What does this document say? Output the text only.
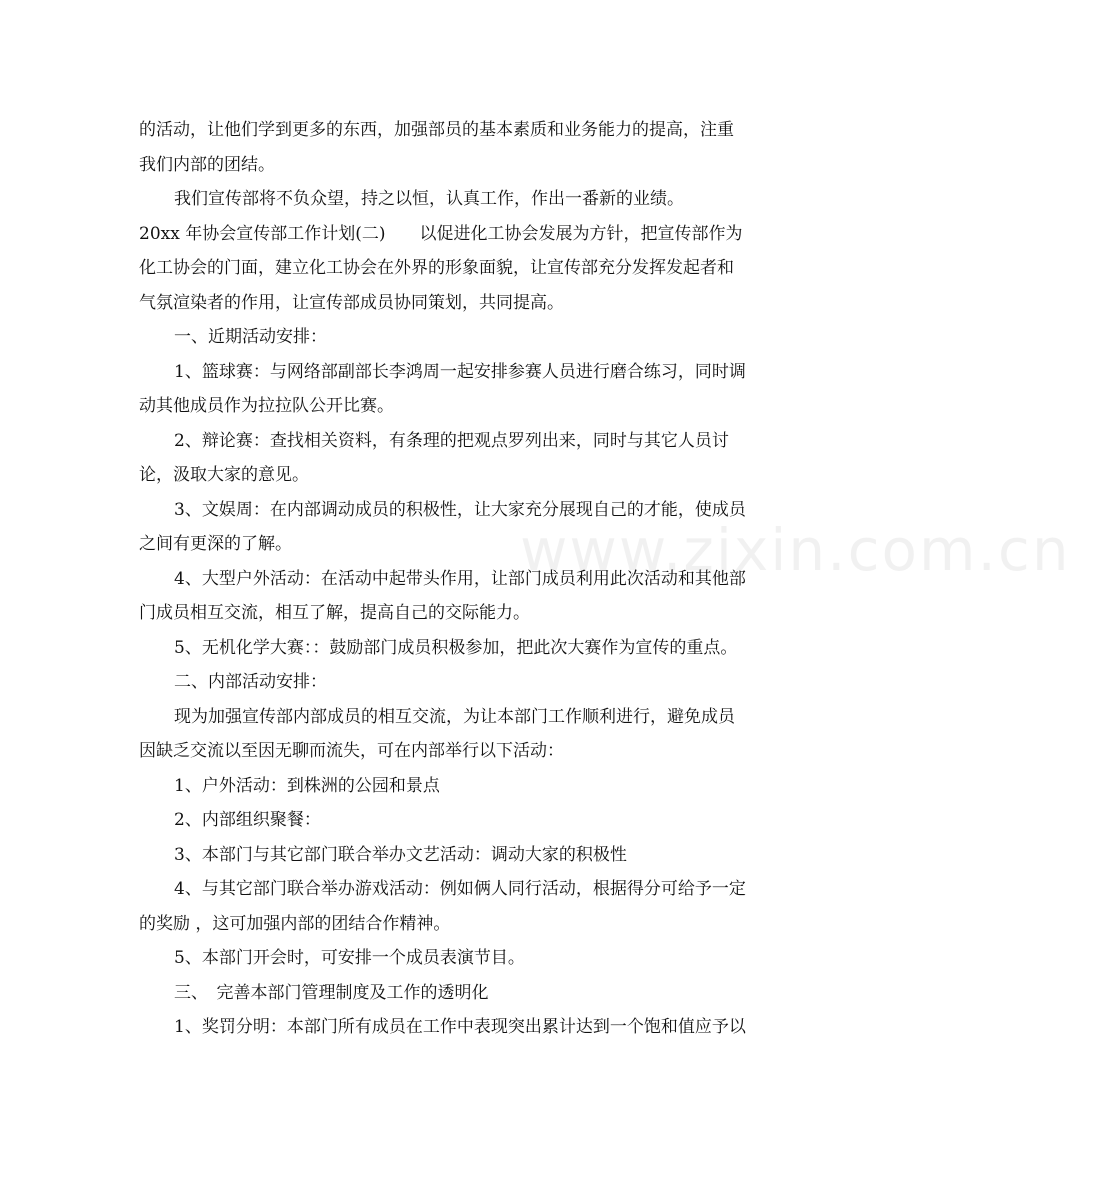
www.zixin.com.cn
的活动，让他们学到更多的东西，加强部员的基本素质和业务能力的提高，注重
我们内部的团结。
我们宣传部将不负众望，持之以恒，认真工作，作出一番新的业绩。
20xx 年协会宣传部工作计划(二)　　以促进化工协会发展为方针，把宣传部作为
化工协会的门面，建立化工协会在外界的形象面貌，让宣传部充分发挥发起者和
气氛渲染者的作用，让宣传部成员协同策划，共同提高。
一、近期活动安排：
1、篮球赛：与网络部副部长李鸿周一起安排参赛人员进行磨合练习，同时调
动其他成员作为拉拉队公开比赛。
2、辩论赛：查找相关资料，有条理的把观点罗列出来，同时与其它人员讨
论，汲取大家的意见。
3、文娱周：在内部调动成员的积极性，让大家充分展现自己的才能，使成员
之间有更深的了解。
4、大型户外活动：在活动中起带头作用，让部门成员利用此次活动和其他部
门成员相互交流，相互了解，提高自己的交际能力。
5、无机化学大赛：：鼓励部门成员积极参加，把此次大赛作为宣传的重点。
二、内部活动安排：
现为加强宣传部内部成员的相互交流，为让本部门工作顺利进行，避免成员
因缺乏交流以至因无聊而流失，可在内部举行以下活动：
1、户外活动：到株洲的公园和景点
2、内部组织聚餐：
3、本部门与其它部门联合举办文艺活动：调动大家的积极性
4、与其它部门联合举办游戏活动：例如俩人同行活动，根据得分可给予一定
的奖励 ，这可加强内部的团结合作精神。
5、本部门开会时，可安排一个成员表演节目。
三、　完善本部门管理制度及工作的透明化
1、奖罚分明：本部门所有成员在工作中表现突出累计达到一个饱和值应予以
